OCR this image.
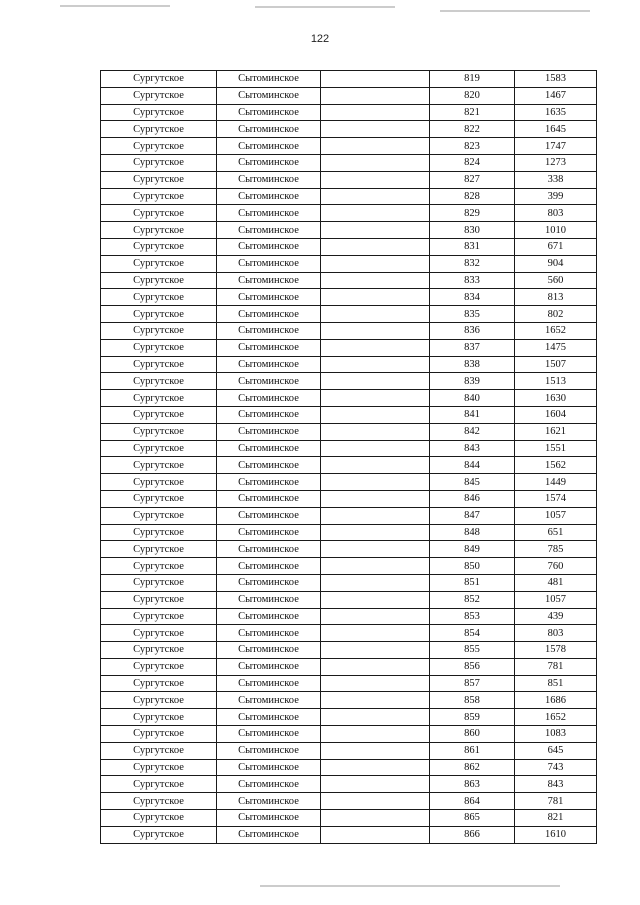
122
Сургутское	Сытоминское		819	1583
Сургутское	Сытоминское		820	1467
Сургутское	Сытоминское		821	1635
Сургутское	Сытоминское		822	1645
Сургутское	Сытоминское		823	1747
Сургутское	Сытоминское		824	1273
Сургутское	Сытоминское		827	338
Сургутское	Сытоминское		828	399
Сургутское	Сытоминское		829	803
Сургутское	Сытоминское		830	1010
Сургутское	Сытоминское		831	671
Сургутское	Сытоминское		832	904
Сургутское	Сытоминское		833	560
Сургутское	Сытоминское		834	813
Сургутское	Сытоминское		835	802
Сургутское	Сытоминское		836	1652
Сургутское	Сытоминское		837	1475
Сургутское	Сытоминское		838	1507
Сургутское	Сытоминское		839	1513
Сургутское	Сытоминское		840	1630
Сургутское	Сытоминское		841	1604
Сургутское	Сытоминское		842	1621
Сургутское	Сытоминское		843	1551
Сургутское	Сытоминское		844	1562
Сургутское	Сытоминское		845	1449
Сургутское	Сытоминское		846	1574
Сургутское	Сытоминское		847	1057
Сургутское	Сытоминское		848	651
Сургутское	Сытоминское		849	785
Сургутское	Сытоминское		850	760
Сургутское	Сытоминское		851	481
Сургутское	Сытоминское		852	1057
Сургутское	Сытоминское		853	439
Сургутское	Сытоминское		854	803
Сургутское	Сытоминское		855	1578
Сургутское	Сытоминское		856	781
Сургутское	Сытоминское		857	851
Сургутское	Сытоминское		858	1686
Сургутское	Сытоминское		859	1652
Сургутское	Сытоминское		860	1083
Сургутское	Сытоминское		861	645
Сургутское	Сытоминское		862	743
Сургутское	Сытоминское		863	843
Сургутское	Сытоминское		864	781
Сургутское	Сытоминское		865	821
Сургутское	Сытоминское		866	1610
